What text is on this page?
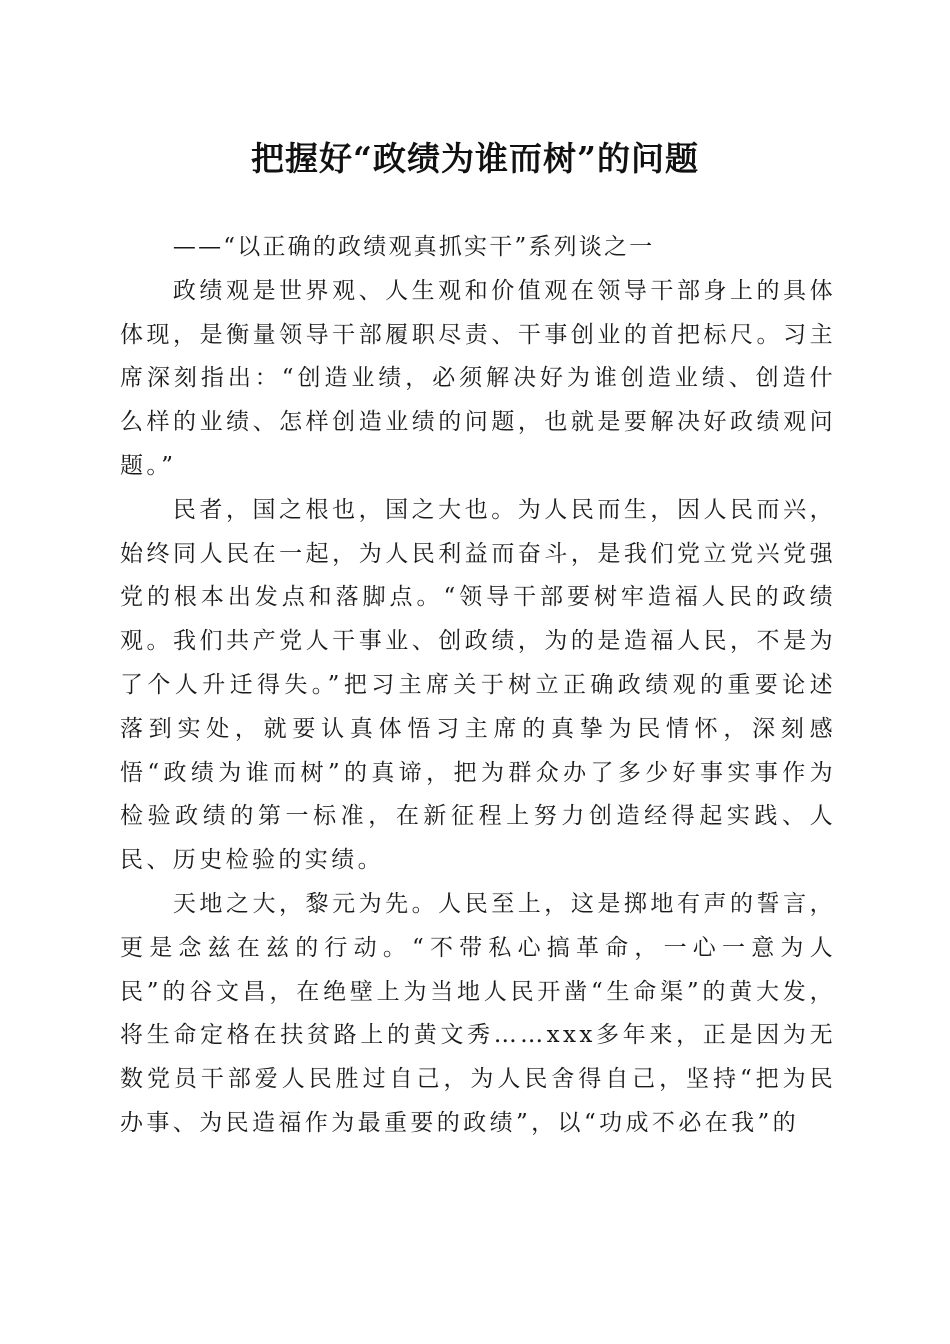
把握好“政绩为谁而树”的问题

——“以正确的政绩观真抓实干”系列谈之一

政绩观是世界观、人生观和价值观在领导干部身上的具体体现，是衡量领导干部履职尽责、干事创业的首把标尺。习主席深刻指出：“创造业绩，必须解决好为谁创造业绩、创造什么样的业绩、怎样创造业绩的问题，也就是要解决好政绩观问题。”

民者，国之根也，国之大也。为人民而生，因人民而兴，始终同人民在一起，为人民利益而奋斗，是我们党立党兴党强党的根本出发点和落脚点。“领导干部要树牢造福人民的政绩观。我们共产党人干事业、创政绩，为的是造福人民，不是为了个人升迁得失。”把习主席关于树立正确政绩观的重要论述落到实处，就要认真体悟习主席的真挚为民情怀，深刻感悟“政绩为谁而树”的真谛，把为群众办了多少好事实事作为检验政绩的第一标准，在新征程上努力创造经得起实践、人民、历史检验的实绩。

天地之大，黎元为先。人民至上，这是掷地有声的誓言，更是念兹在兹的行动。“不带私心搞革命，一心一意为人民”的谷文昌，在绝壁上为当地人民开凿“生命渠”的黄大发，将生命定格在扶贫路上的黄文秀……xxx多年来，正是因为无数党员干部爱人民胜过自己，为人民舍得自己，坚持“把为民办事、为民造福作为最重要的政绩”，以“功成不必在我”的
